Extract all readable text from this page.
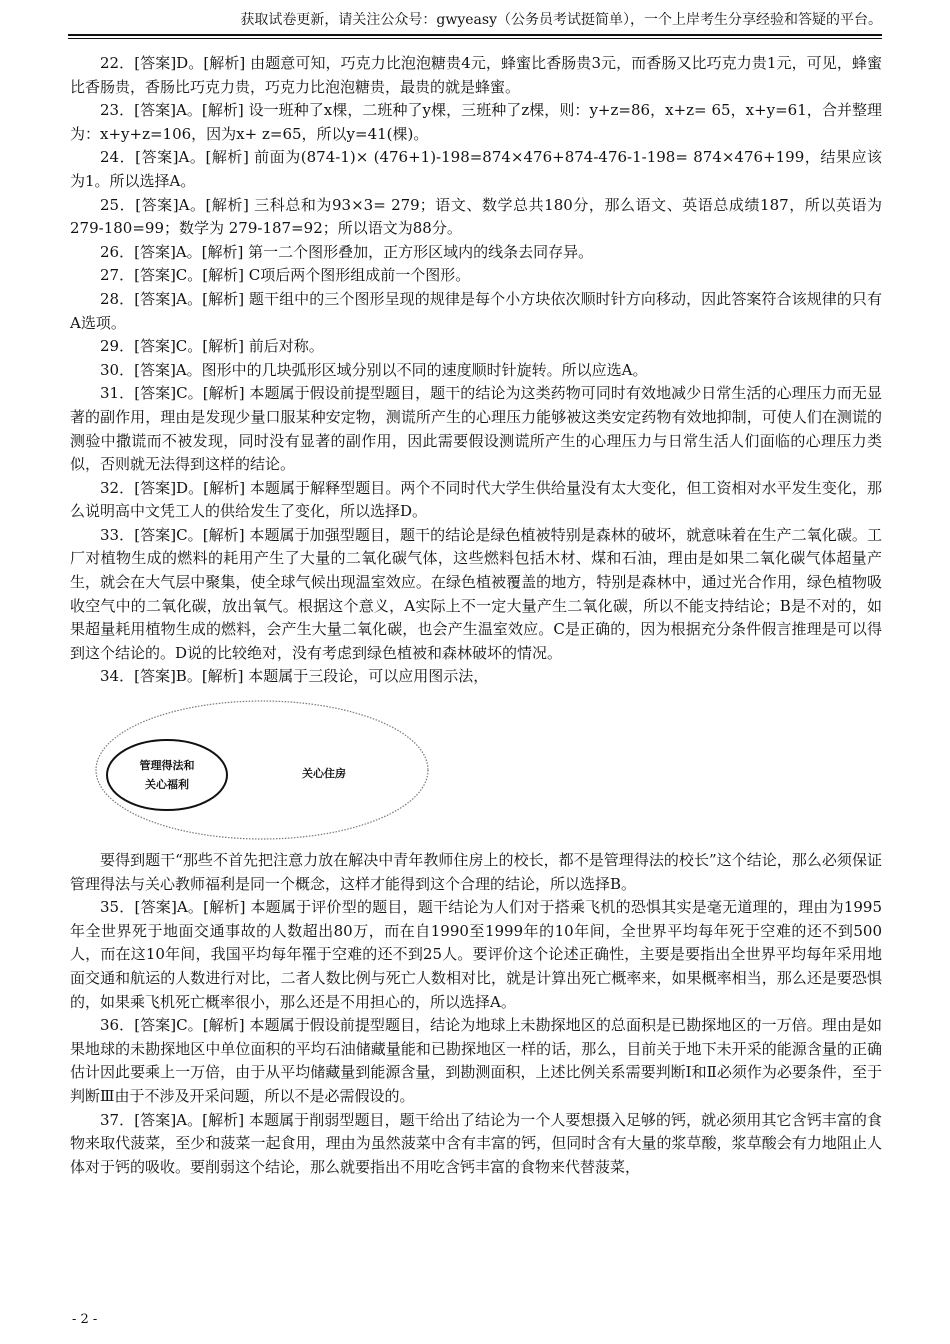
获取试卷更新，请关注公众号：gwyeasy（公务员考试挺简单），一个上岸考生分享经验和答疑的平台。

22．[答案]D。[解析] 由题意可知，巧克力比泡泡糖贵4元，蜂蜜比香肠贵3元，而香肠又比巧克力贵1元，可见，蜂蜜比香肠贵，香肠比巧克力贵，巧克力比泡泡糖贵，最贵的就是蜂蜜。

23．[答案]A。[解析] 设一班种了x棵，二班种了y棵，三班种了z棵，则：y+z=86，x+z= 65，x+y=61，合并整理为：x+y+z=106，因为x+ z=65，所以y=41(棵)。

24．[答案]A。[解析] 前面为(874-1)× (476+1)-198=874×476+874-476-1-198= 874×476+199，结果应该为1。所以选择A。

25．[答案]A。[解析] 三科总和为93×3= 279；语文、数学总共180分，那么语文、英语总成绩187，所以英语为279-180=99；数学为 279-187=92；所以语文为88分。

26．[答案]A。[解析] 第一二个图形叠加，正方形区域内的线条去同存异。

27．[答案]C。[解析] C项后两个图形组成前一个图形。

28．[答案]A。[解析] 题干组中的三个图形呈现的规律是每个小方块依次顺时针方向移动，因此答案符合该规律的只有A选项。

29．[答案]C。[解析] 前后对称。

30．[答案]A。图形中的几块弧形区域分别以不同的速度顺时针旋转。所以应选A。

31．[答案]C。[解析] 本题属于假设前提型题目，题干的结论为这类药物可同时有效地减少日常生活的心理压力而无显著的副作用，理由是发现少量口服某种安定物，测谎所产生的心理压力能够被这类安定药物有效地抑制，可使人们在测谎的测验中撒谎而不被发现，同时没有显著的副作用，因此需要假设测谎所产生的心理压力与日常生活人们面临的心理压力类似，否则就无法得到这样的结论。

32．[答案]D。[解析] 本题属于解释型题目。两个不同时代大学生供给量没有太大变化，但工资相对水平发生变化，那么说明高中文凭工人的供给发生了变化，所以选择D。

33．[答案]C。[解析] 本题属于加强型题目，题干的结论是绿色植被特别是森林的破坏，就意味着在生产二氧化碳。工厂对植物生成的燃料的耗用产生了大量的二氧化碳气体，这些燃料包括木材、煤和石油，理由是如果二氧化碳气体超量产生，就会在大气层中聚集，使全球气候出现温室效应。在绿色植被覆盖的地方，特别是森林中，通过光合作用，绿色植物吸收空气中的二氧化碳，放出氧气。根据这个意义，A实际上不一定大量产生二氧化碳，所以不能支持结论；B是不对的，如果超量耗用植物生成的燃料，会产生大量二氧化碳，也会产生温室效应。C是正确的，因为根据充分条件假言推理是可以得到这个结论的。D说的比较绝对，没有考虑到绿色植被和森林破坏的情况。

34．[答案]B。[解析] 本题属于三段论，可以应用图示法，

管理得法和
关心福利
关心住房

要得到题干“那些不首先把注意力放在解决中青年教师住房上的校长，都不是管理得法的校长”这个结论，那么必须保证管理得法与关心教师福利是同一个概念，这样才能得到这个合理的结论，所以选择B。

35．[答案]A。[解析] 本题属于评价型的题目，题干结论为人们对于搭乘飞机的恐惧其实是毫无道理的，理由为1995年全世界死于地面交通事故的人数超出80万，而在自1990至1999年的10年间，全世界平均每年死于空难的还不到500人，而在这10年间，我国平均每年罹于空难的还不到25人。要评价这个论述正确性，主要是要指出全世界平均每年采用地面交通和航运的人数进行对比，二者人数比例与死亡人数相对比，就是计算出死亡概率来，如果概率相当，那么还是要恐惧的，如果乘飞机死亡概率很小，那么还是不用担心的，所以选择A。

36．[答案]C。[解析] 本题属于假设前提型题目，结论为地球上未勘探地区的总面积是已勘探地区的一万倍。理由是如果地球的未勘探地区中单位面积的平均石油储藏量能和已勘探地区一样的话，那么，目前关于地下未开采的能源含量的正确估计因此要乘上一万倍，由于从平均储藏量到能源含量，到勘测面积，上述比例关系需要判断Ⅰ和Ⅱ必须作为必要条件，至于判断Ⅲ由于不涉及开采问题，所以不是必需假设的。

37．[答案]A。[解析] 本题属于削弱型题目，题干给出了结论为一个人要想摄入足够的钙，就必须用其它含钙丰富的食物来取代菠菜，至少和菠菜一起食用，理由为虽然菠菜中含有丰富的钙，但同时含有大量的浆草酸，浆草酸会有力地阻止人体对于钙的吸收。要削弱这个结论，那么就要指出不用吃含钙丰富的食物来代替菠菜，

- 2 -
